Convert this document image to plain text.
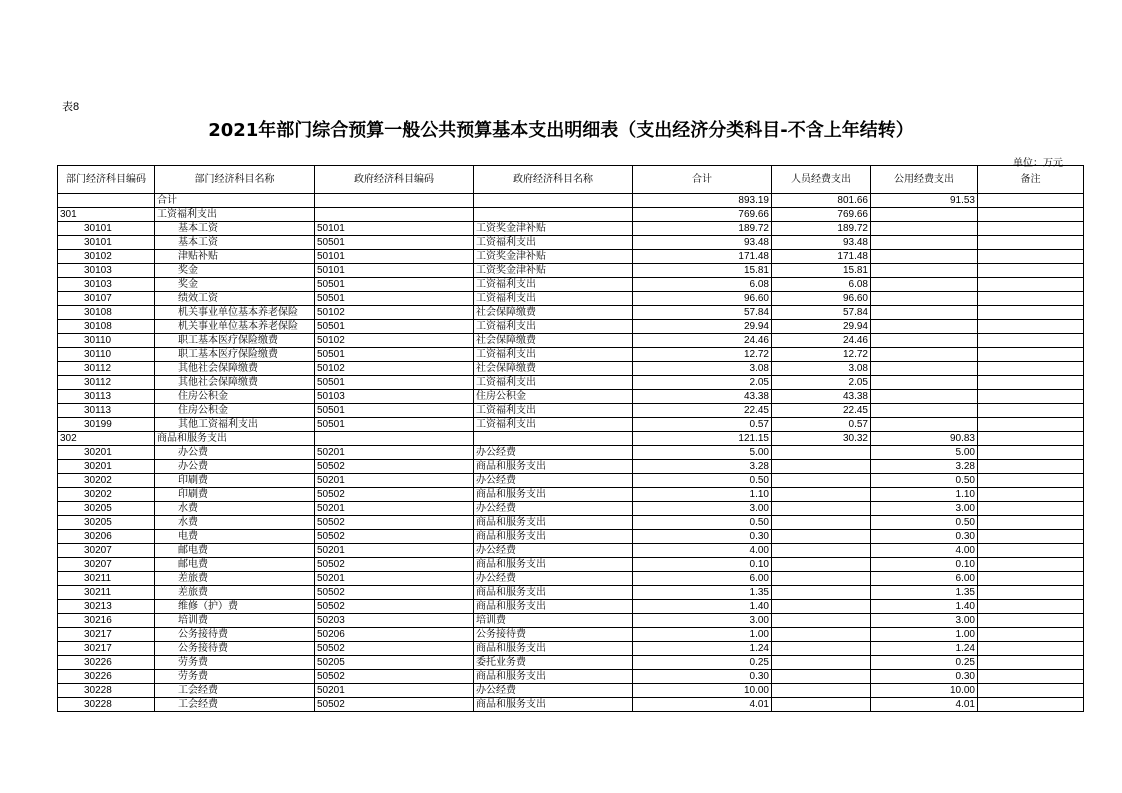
表8
2021年部门综合预算一般公共预算基本支出明细表（支出经济分类科目-不含上年结转）
单位：万元
部门经济科目编码	部门经济科目名称	政府经济科目编码	政府经济科目名称	合计	人员经费支出	公用经费支出	备注
	合计			893.19	801.66	91.53	
301	工资福利支出			769.66	769.66		
30101	基本工资	50101	工资奖金津补贴	189.72	189.72		
30101	基本工资	50501	工资福利支出	93.48	93.48		
30102	津贴补贴	50101	工资奖金津补贴	171.48	171.48		
30103	奖金	50101	工资奖金津补贴	15.81	15.81		
30103	奖金	50501	工资福利支出	6.08	6.08		
30107	绩效工资	50501	工资福利支出	96.60	96.60		
30108	机关事业单位基本养老保险	50102	社会保障缴费	57.84	57.84		
30108	机关事业单位基本养老保险	50501	工资福利支出	29.94	29.94		
30110	职工基本医疗保险缴费	50102	社会保障缴费	24.46	24.46		
30110	职工基本医疗保险缴费	50501	工资福利支出	12.72	12.72		
30112	其他社会保障缴费	50102	社会保障缴费	3.08	3.08		
30112	其他社会保障缴费	50501	工资福利支出	2.05	2.05		
30113	住房公积金	50103	住房公积金	43.38	43.38		
30113	住房公积金	50501	工资福利支出	22.45	22.45		
30199	其他工资福利支出	50501	工资福利支出	0.57	0.57		
302	商品和服务支出			121.15	30.32	90.83	
30201	办公费	50201	办公经费	5.00		5.00	
30201	办公费	50502	商品和服务支出	3.28		3.28	
30202	印刷费	50201	办公经费	0.50		0.50	
30202	印刷费	50502	商品和服务支出	1.10		1.10	
30205	水费	50201	办公经费	3.00		3.00	
30205	水费	50502	商品和服务支出	0.50		0.50	
30206	电费	50502	商品和服务支出	0.30		0.30	
30207	邮电费	50201	办公经费	4.00		4.00	
30207	邮电费	50502	商品和服务支出	0.10		0.10	
30211	差旅费	50201	办公经费	6.00		6.00	
30211	差旅费	50502	商品和服务支出	1.35		1.35	
30213	维修（护）费	50502	商品和服务支出	1.40		1.40	
30216	培训费	50203	培训费	3.00		3.00	
30217	公务接待费	50206	公务接待费	1.00		1.00	
30217	公务接待费	50502	商品和服务支出	1.24		1.24	
30226	劳务费	50205	委托业务费	0.25		0.25	
30226	劳务费	50502	商品和服务支出	0.30		0.30	
30228	工会经费	50201	办公经费	10.00		10.00	
30228	工会经费	50502	商品和服务支出	4.01		4.01	
